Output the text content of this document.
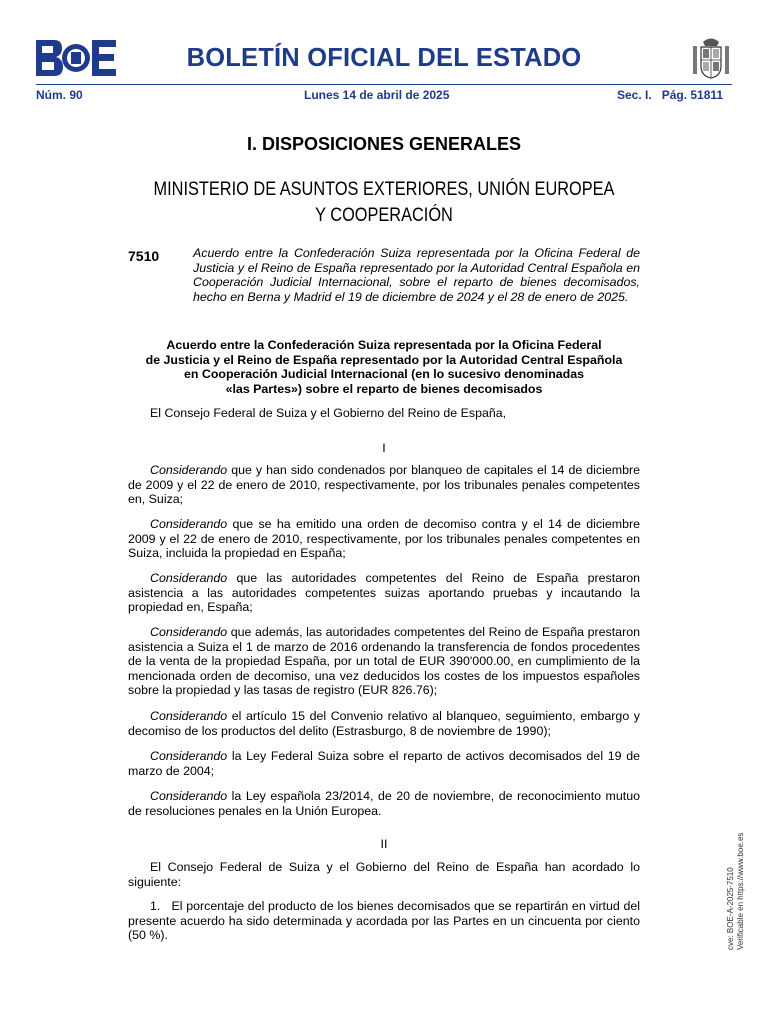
BOLETÍN OFICIAL DEL ESTADO
Núm. 90	Lunes 14 de abril de 2025	Sec. I.   Pág. 51811
I. DISPOSICIONES GENERALES
MINISTERIO DE ASUNTOS EXTERIORES, UNIÓN EUROPEA
Y COOPERACIÓN
7510	Acuerdo entre la Confederación Suiza representada por la Oficina Federal de Justicia y el Reino de España representado por la Autoridad Central Española en Cooperación Judicial Internacional, sobre el reparto de bienes decomisados, hecho en Berna y Madrid el 19 de diciembre de 2024 y el 28 de enero de 2025.
Acuerdo entre la Confederación Suiza representada por la Oficina Federal
de Justicia y el Reino de España representado por la Autoridad Central Española
en Cooperación Judicial Internacional (en lo sucesivo denominadas
«las Partes») sobre el reparto de bienes decomisados

El Consejo Federal de Suiza y el Gobierno del Reino de España,

I

Considerando que y han sido condenados por blanqueo de capitales el 14 de diciembre de 2009 y el 22 de enero de 2010, respectivamente, por los tribunales penales competentes en, Suiza;

Considerando que se ha emitido una orden de decomiso contra y el 14 de diciembre 2009 y el 22 de enero de 2010, respectivamente, por los tribunales penales competentes en Suiza, incluida la propiedad en España;

Considerando que las autoridades competentes del Reino de España prestaron asistencia a las autoridades competentes suizas aportando pruebas y incautando la propiedad en, España;

Considerando que además, las autoridades competentes del Reino de España prestaron asistencia a Suiza el 1 de marzo de 2016 ordenando la transferencia de fondos procedentes de la venta de la propiedad España, por un total de EUR 390'000.00, en cumplimiento de la mencionada orden de decomiso, una vez deducidos los costes de los impuestos españoles sobre la propiedad y las tasas de registro (EUR 826.76);

Considerando el artículo 15 del Convenio relativo al blanqueo, seguimiento, embargo y decomiso de los productos del delito (Estrasburgo, 8 de noviembre de 1990);

Considerando la Ley Federal Suiza sobre el reparto de activos decomisados del 19 de marzo de 2004;

Considerando la Ley española 23/2014, de 20 de noviembre, de reconocimiento mutuo de resoluciones penales en la Unión Europea.

II

El Consejo Federal de Suiza y el Gobierno del Reino de España han acordado lo siguiente:

1.   El porcentaje del producto de los bienes decomisados que se repartirán en virtud del presente acuerdo ha sido determinada y acordada por las Partes en un cincuenta por ciento (50 %).	cve: BOE-A-2025-7510 Verificable en https://www.boe.es
